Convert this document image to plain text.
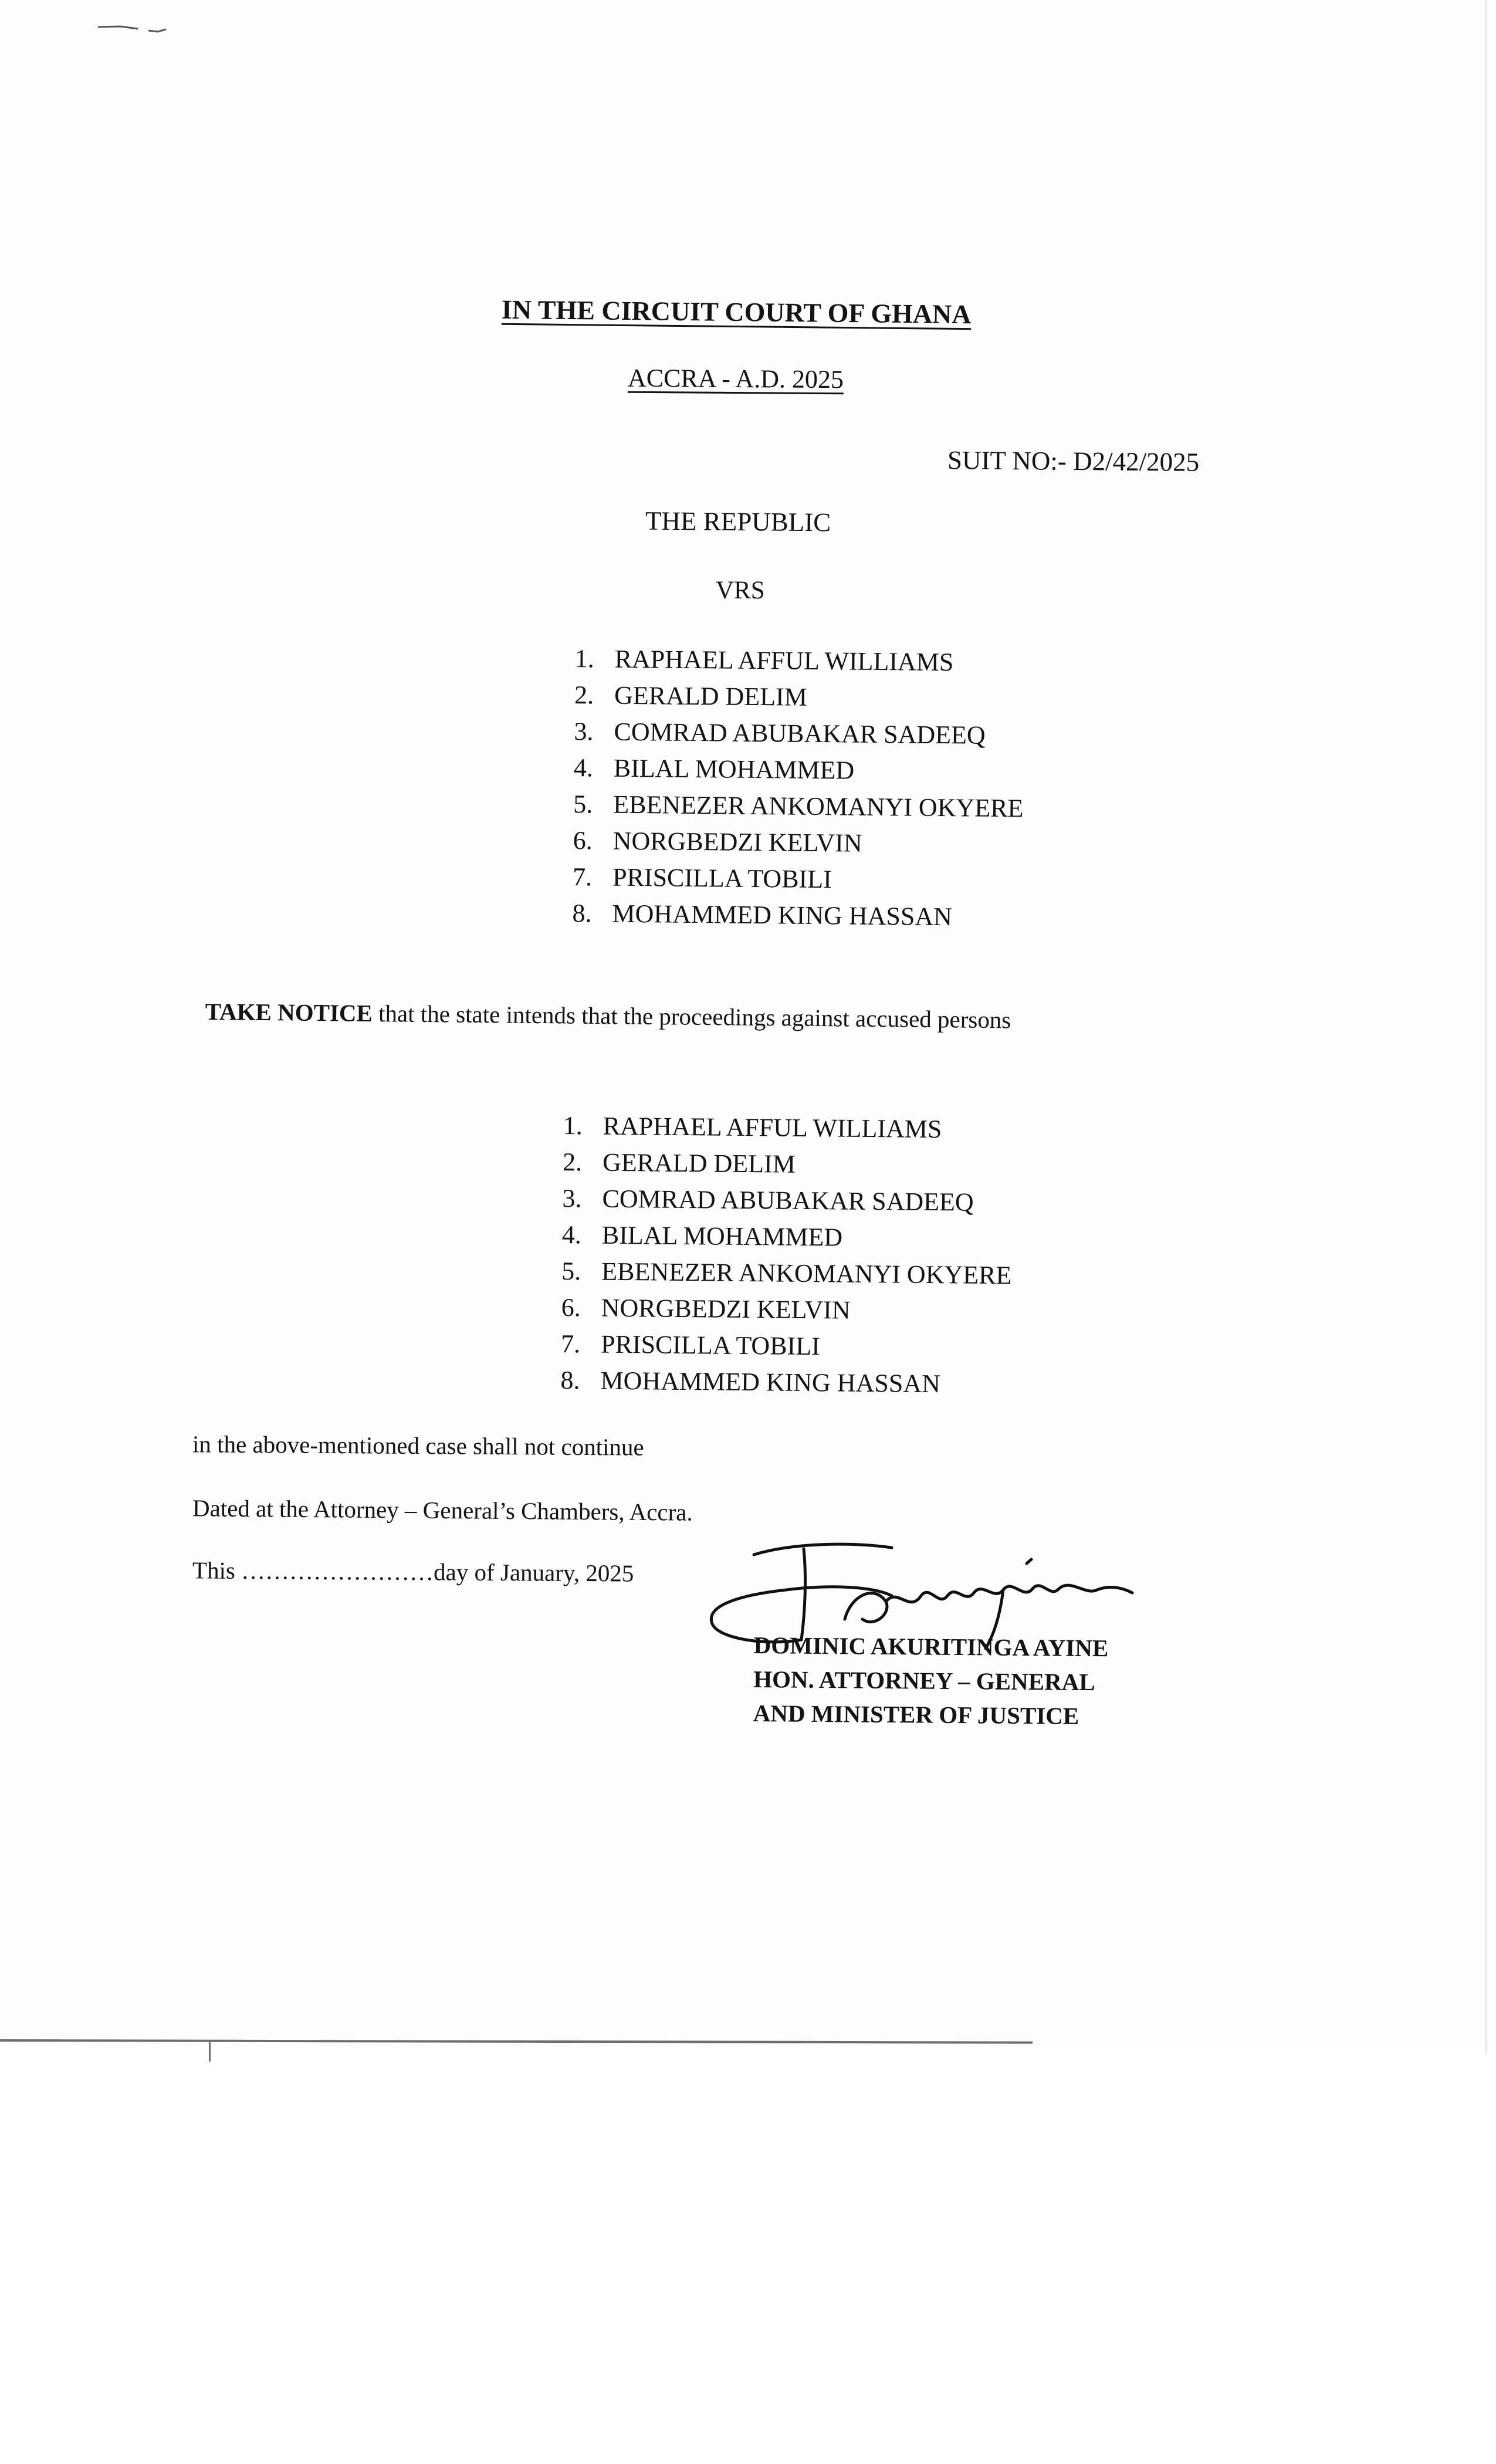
IN THE CIRCUIT COURT OF GHANA

ACCRA - A.D. 2025

SUIT NO:- D2/42/2025

THE REPUBLIC

VRS

1. RAPHAEL AFFUL WILLIAMS
2. GERALD DELIM
3. COMRAD ABUBAKAR SADEEQ
4. BILAL MOHAMMED
5. EBENEZER ANKOMANYI OKYERE
6. NORGBEDZI KELVIN
7. PRISCILLA TOBILI
8. MOHAMMED KING HASSAN

TAKE NOTICE that the state intends that the proceedings against accused persons

1. RAPHAEL AFFUL WILLIAMS
2. GERALD DELIM
3. COMRAD ABUBAKAR SADEEQ
4. BILAL MOHAMMED
5. EBENEZER ANKOMANYI OKYERE
6. NORGBEDZI KELVIN
7. PRISCILLA TOBILI
8. MOHAMMED KING HASSAN

in the above-mentioned case shall not continue

Dated at the Attorney – General’s Chambers, Accra.

This ……………………day of January, 2025

DOMINIC AKURITINGA AYINE
HON. ATTORNEY – GENERAL
AND MINISTER OF JUSTICE
